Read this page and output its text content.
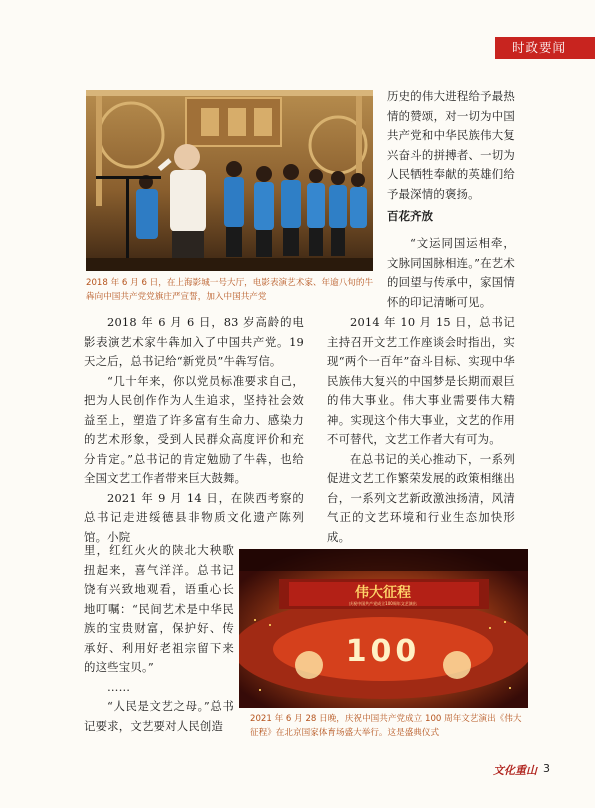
时政要闻
2018 年 6 月 6 日，在上海影城一号大厅，电影表演艺术家、年逾八旬的牛犇向中国共产党党旗庄严宣誓，加入中国共产党

历史的伟大进程给予最热情的赞颂，对一切为中国共产党和中华民族伟大复兴奋斗的拼搏者、一切为人民牺牲奉献的英雄们给予最深情的褒扬。

百花齐放

“文运同国运相牵，文脉同国脉相连。”在艺术的回望与传承中，家国情怀的印记清晰可见。

2018 年 6 月 6 日，83 岁高龄的电影表演艺术家牛犇加入了中国共产党。19 天之后，总书记给“新党员”牛犇写信。

“几十年来，你以党员标准要求自己，把为人民创作作为人生追求，坚持社会效益至上，塑造了许多富有生命力、感染力的艺术形象，受到人民群众高度评价和充分肯定。”总书记的肯定勉励了牛犇，也给全国文艺工作者带来巨大鼓舞。

2021 年 9 月 14 日，在陕西考察的总书记走进绥德县非物质文化遗产陈列馆。小院

里，红红火火的陕北大秧歌扭起来，喜气洋洋。总书记饶有兴致地观看，语重心长地叮嘱：“民间艺术是中华民族的宝贵财富，保护好、传承好、利用好老祖宗留下来的这些宝贝。”

……

“人民是文艺之母。”总书记要求，文艺要对人民创造

2014 年 10 月 15 日，总书记主持召开文艺工作座谈会时指出，实现“两个一百年”奋斗目标、实现中华民族伟大复兴的中国梦是长期而艰巨的伟大事业。伟大事业需要伟大精神。实现这个伟大事业，文艺的作用不可替代，文艺工作者大有可为。

在总书记的关心推动下，一系列促进文艺工作繁荣发展的政策相继出台，一系列文艺新政激浊扬清，风清气正的文艺环境和行业生态加快形成。

伟大征程
庆祝中国共产党成立100周年文艺演出
100
2021 年 6 月 28 日晚，庆祝中国共产党成立 100 周年文艺演出《伟大征程》在北京国家体育场盛大举行。这是盛典仪式
文化重山 3
